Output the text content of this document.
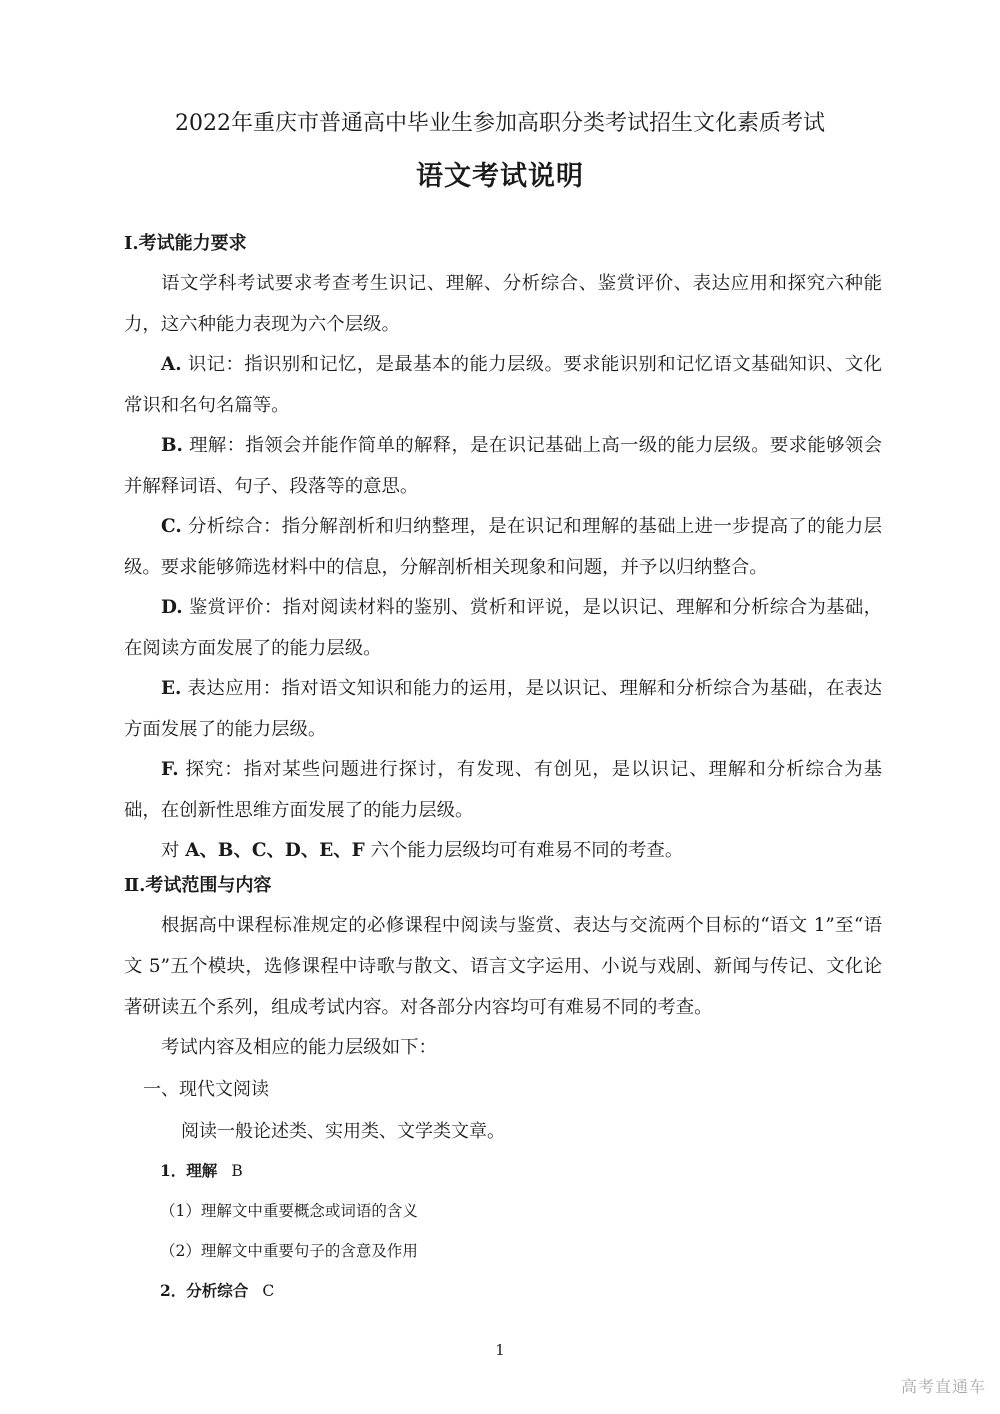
2022年重庆市普通高中毕业生参加高职分类考试招生文化素质考试
语文考试说明
Ⅰ.考试能力要求
语文学科考试要求考查考生识记、理解、分析综合、鉴赏评价、表达应用和探究六种能力，这六种能力表现为六个层级。
A. 识记：指识别和记忆，是最基本的能力层级。要求能识别和记忆语文基础知识、文化常识和名句名篇等。
B. 理解：指领会并能作简单的解释，是在识记基础上高一级的能力层级。要求能够领会并解释词语、句子、段落等的意思。
C. 分析综合：指分解剖析和归纳整理，是在识记和理解的基础上进一步提高了的能力层级。要求能够筛选材料中的信息，分解剖析相关现象和问题，并予以归纳整合。
D. 鉴赏评价：指对阅读材料的鉴别、赏析和评说，是以识记、理解和分析综合为基础，在阅读方面发展了的能力层级。
E. 表达应用：指对语文知识和能力的运用，是以识记、理解和分析综合为基础，在表达方面发展了的能力层级。
F. 探究：指对某些问题进行探讨，有发现、有创见，是以识记、理解和分析综合为基础，在创新性思维方面发展了的能力层级。
对 A、B、C、D、E、F 六个能力层级均可有难易不同的考查。
Ⅱ.考试范围与内容
根据高中课程标准规定的必修课程中阅读与鉴赏、表达与交流两个目标的“语文 1”至“语文 5”五个模块，选修课程中诗歌与散文、语言文字运用、小说与戏剧、新闻与传记、文化论著研读五个系列，组成考试内容。对各部分内容均可有难易不同的考查。
考试内容及相应的能力层级如下：
一、现代文阅读
阅读一般论述类、实用类、文学类文章。
1．理解 B
（1）理解文中重要概念或词语的含义
（2）理解文中重要句子的含意及作用
2．分析综合 C
1
高考直通车
